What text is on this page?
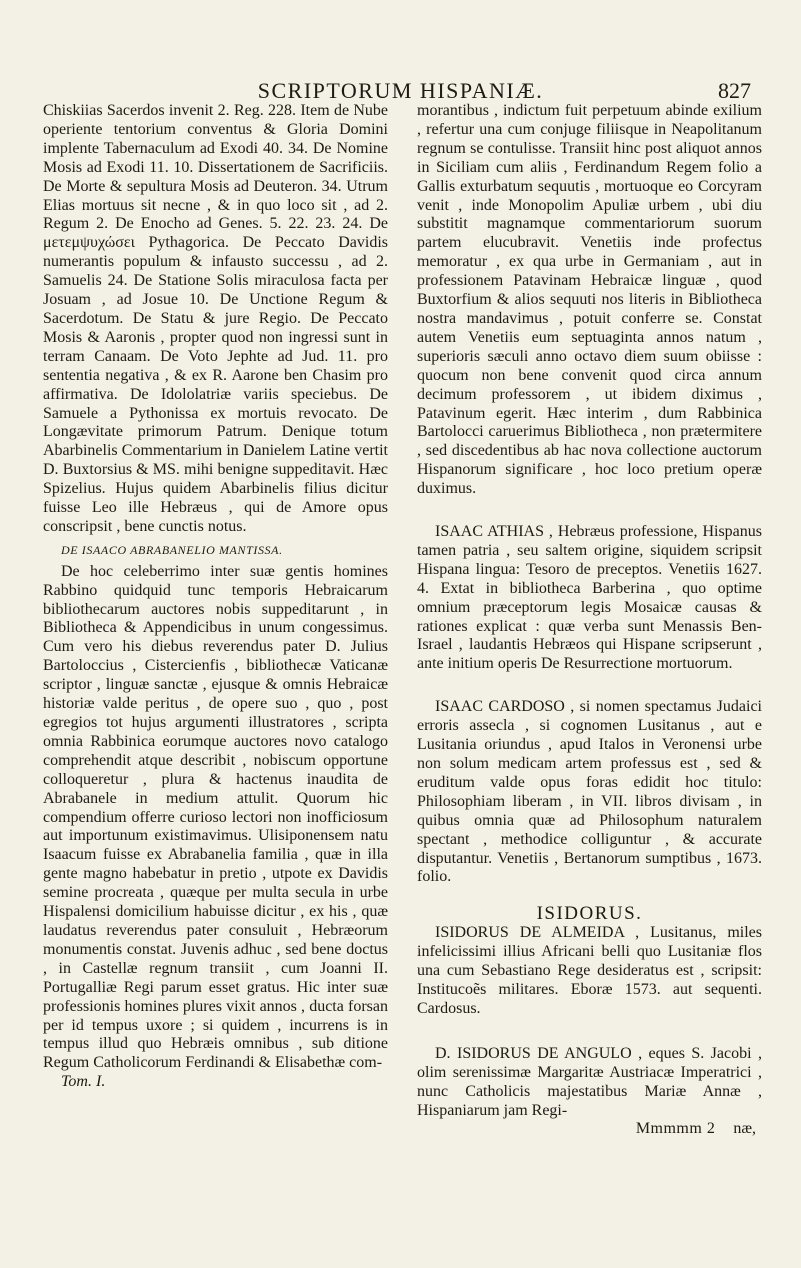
SCRIPTORUM HISPANIÆ.	827

Chiskiias Sacerdos invenit 2. Reg. 228. Item de Nube operiente tentorium conventus & Gloria Domini implente Tabernaculum ad Exodi 40. 34. De Nomine Mosis ad Exodi 11. 10. Dissertationem de Sacrificiis. De Morte & sepultura Mosis ad Deuteron. 34. Utrum Elias mortuus sit necne , & in quo loco sit , ad 2. Regum 2. De Enocho ad Genes. 5. 22. 23. 24. De μετεμψυχώσει Pythagorica. De Peccato Davidis numerantis populum & infausto successu , ad 2. Samuelis 24. De Statione Solis miraculosa facta per Josuam , ad Josue 10. De Unctione Regum & Sacerdotum. De Statu & jure Regio. De Peccato Mosis & Aaronis , propter quod non ingressi sunt in terram Canaam. De Voto Jephte ad Jud. 11. pro sententia negativa , & ex R. Aarone ben Chasim pro affirmativa. De Idololatriæ variis speciebus. De Samuele a Pythonissa ex mortuis revocato. De Longævitate primorum Patrum. Denique totum Abarbinelis Commentarium in Danielem Latine vertit D. Buxtorsius & MS. mihi benigne suppeditavit. Hæc Spizelius. Hujus quidem Abarbinelis filius dicitur fuisse Leo ille Hebræus , qui de Amore opus conscripsit , bene cunctis notus.

DE ISAACO ABRABANELIO MANTISSA.

De hoc celeberrimo inter suæ gentis homines Rabbino quidquid tunc temporis Hebraicarum bibliothecarum auctores nobis suppeditarunt , in Bibliotheca & Appendicibus in unum congessimus. Cum vero his diebus reverendus pater D. Julius Bartoloccius , Cistercienfis , bibliothecæ Vaticanæ scriptor , linguæ sanctæ , ejusque & omnis Hebraicæ historiæ valde peritus , de opere suo , quo , post egregios tot hujus argumenti illustratores , scripta omnia Rabbinica eorumque auctores novo catalogo comprehendit atque describit , nobiscum opportune colloqueretur , plura & hactenus inaudita de Abrabanele in medium attulit. Quorum hic compendium offerre curioso lectori non inofficiosum aut importunum existimavimus. Ulisiponensem natu Isaacum fuisse ex Abrabanelia familia , quæ in illa gente magno habebatur in pretio , utpote ex Davidis semine procreata , quæque per multa secula in urbe Hispalensi domicilium habuisse dicitur , ex his , quæ laudatus reverendus pater consuluit , Hebræorum monumentis constat. Juvenis adhuc , sed bene doctus , in Castellæ regnum transiit , cum Joanni II. Portugalliæ Regi parum esset gratus. Hic inter suæ professionis homines plures vixit annos , ducta forsan per id tempus uxore ; si quidem , incurrens is in tempus illud quo Hebræis omnibus , sub ditione Regum Catholicorum Ferdinandi & Elisabethæ com-

Tom. I.

morantibus , indictum fuit perpetuum abinde exilium , refertur una cum conjuge filiisque in Neapolitanum regnum se contulisse. Transiit hinc post aliquot annos in Siciliam cum aliis , Ferdinandum Regem folio a Gallis exturbatum sequutis , mortuoque eo Corcyram venit , inde Monopolim Apuliæ urbem , ubi diu substitit magnamque commentariorum suorum partem elucubravit. Venetiis inde profectus memoratur , ex qua urbe in Germaniam , aut in professionem Patavinam Hebraicæ linguæ , quod Buxtorfium & alios sequuti nos literis in Bibliotheca nostra mandavimus , potuit conferre se. Constat autem Venetiis eum septuaginta annos natum , superioris sæculi anno octavo diem suum obiisse : quocum non bene convenit quod circa annum decimum professorem , ut ibidem diximus , Patavinum egerit. Hæc interim , dum Rabbinica Bartolocci caruerimus Bibliotheca , non prætermitere , sed discedentibus ab hac nova collectione auctorum Hispanorum significare , hoc loco pretium operæ duximus.

ISAAC ATHIAS , Hebræus professione, Hispanus tamen patria , seu saltem origine, siquidem scripsit Hispana lingua: Tesoro de preceptos. Venetiis 1627. 4. Extat in bibliotheca Barberina , quo optime omnium præceptorum legis Mosaicæ causas & rationes explicat : quæ verba sunt Menassis Ben-Israel , laudantis Hebræos qui Hispane scripserunt , ante initium operis De Resurrectione mortuorum.

ISAAC CARDOSO , si nomen spectamus Judaici erroris assecla , si cognomen Lusitanus , aut e Lusitania oriundus , apud Italos in Veronensi urbe non solum medicam artem professus est , sed & eruditum valde opus foras edidit hoc titulo: Philosophiam liberam , in VII. libros divisam , in quibus omnia quæ ad Philosophum naturalem spectant , methodice colliguntur , & accurate disputantur. Venetiis , Bertanorum sumptibus , 1673. folio.

ISIDORUS.

ISIDORUS DE ALMEIDA , Lusitanus, miles infelicissimi illius Africani belli quo Lusitaniæ flos una cum Sebastiano Rege desideratus est , scripsit: Institucoẽs militares. Eboræ 1573. aut sequenti. Cardosus.

D. ISIDORUS DE ANGULO , eques S. Jacobi , olim serenissimæ Margaritæ Austriacæ Imperatrici , nunc Catholicis majestatibus Mariæ Annæ , Hispaniarum jam Regi-

Mmmmm 2 næ,
